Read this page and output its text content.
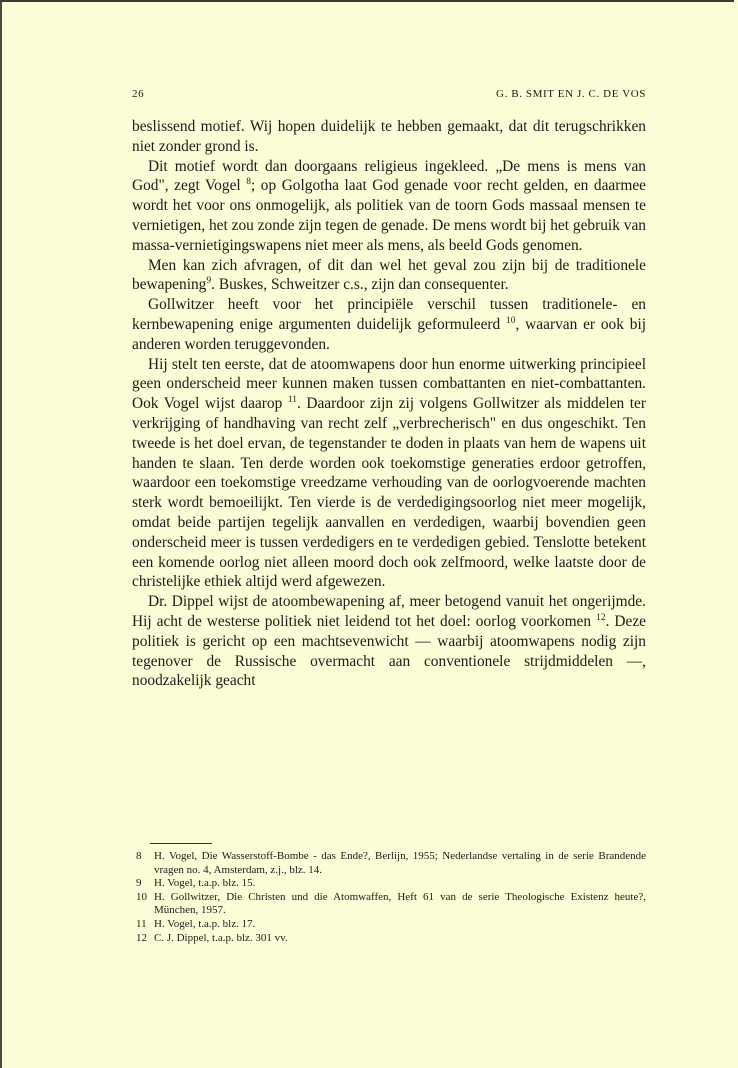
26	G. B. SMIT EN J. C. DE VOS

beslissend motief. Wij hopen duidelijk te hebben gemaakt, dat dit terugschrikken niet zonder grond is.

Dit motief wordt dan doorgaans religieus ingekleed. „De mens is mens van God", zegt Vogel $^8$; op Golgotha laat God genade voor recht gelden, en daarmee wordt het voor ons onmogelijk, als politiek van de toorn Gods massaal mensen te vernietigen, het zou zonde zijn tegen de genade. De mens wordt bij het gebruik van massa-vernietigingswapens niet meer als mens, als beeld Gods genomen.

Men kan zich afvragen, of dit dan wel het geval zou zijn bij de traditionele bewapening$^9$. Buskes, Schweitzer c.s., zijn dan consequenter.

Gollwitzer heeft voor het principiële verschil tussen traditionele- en kernbewapening enige argumenten duidelijk geformuleerd $^{10}$, waarvan er ook bij anderen worden teruggevonden.

Hij stelt ten eerste, dat de atoomwapens door hun enorme uitwerking principieel geen onderscheid meer kunnen maken tussen combattanten en niet-combattanten. Ook Vogel wijst daarop $^{11}$. Daardoor zijn zij volgens Gollwitzer als middelen ter verkrijging of handhaving van recht zelf „verbrecherisch" en dus ongeschikt. Ten tweede is het doel ervan, de tegenstander te doden in plaats van hem de wapens uit handen te slaan. Ten derde worden ook toekomstige generaties erdoor getroffen, waardoor een toekomstige vreedzame verhouding van de oorlogvoerende machten sterk wordt bemoeilijkt. Ten vierde is de verdedigingsoorlog niet meer mogelijk, omdat beide partijen tegelijk aanvallen en verdedigen, waarbij bovendien geen onderscheid meer is tussen verdedigers en te verdedigen gebied. Tenslotte betekent een komende oorlog niet alleen moord doch ook zelfmoord, welke laatste door de christelijke ethiek altijd werd afgewezen.

Dr. Dippel wijst de atoombewapening af, meer betogend vanuit het ongerijmde. Hij acht de westerse politiek niet leidend tot het doel: oorlog voorkomen $^{12}$. Deze politiek is gericht op een machtsevenwicht — waarbij atoomwapens nodig zijn tegenover de Russische overmacht aan conventionele strijdmiddelen —, noodzakelijk geacht

8 H. Vogel, Die Wasserstoff-Bombe - das Ende?, Berlijn, 1955; Nederlandse vertaling in de serie Brandende vragen no. 4, Amsterdam, z.j., blz. 14.
9 H. Vogel, t.a.p. blz. 15.
10 H. Gollwitzer, Die Christen und die Atomwaffen, Heft 61 van de serie Theologische Existenz heute?, München, 1957.
11 H. Vogel, t.a.p. blz. 17.
12 C. J. Dippel, t.a.p. blz. 301 vv.
